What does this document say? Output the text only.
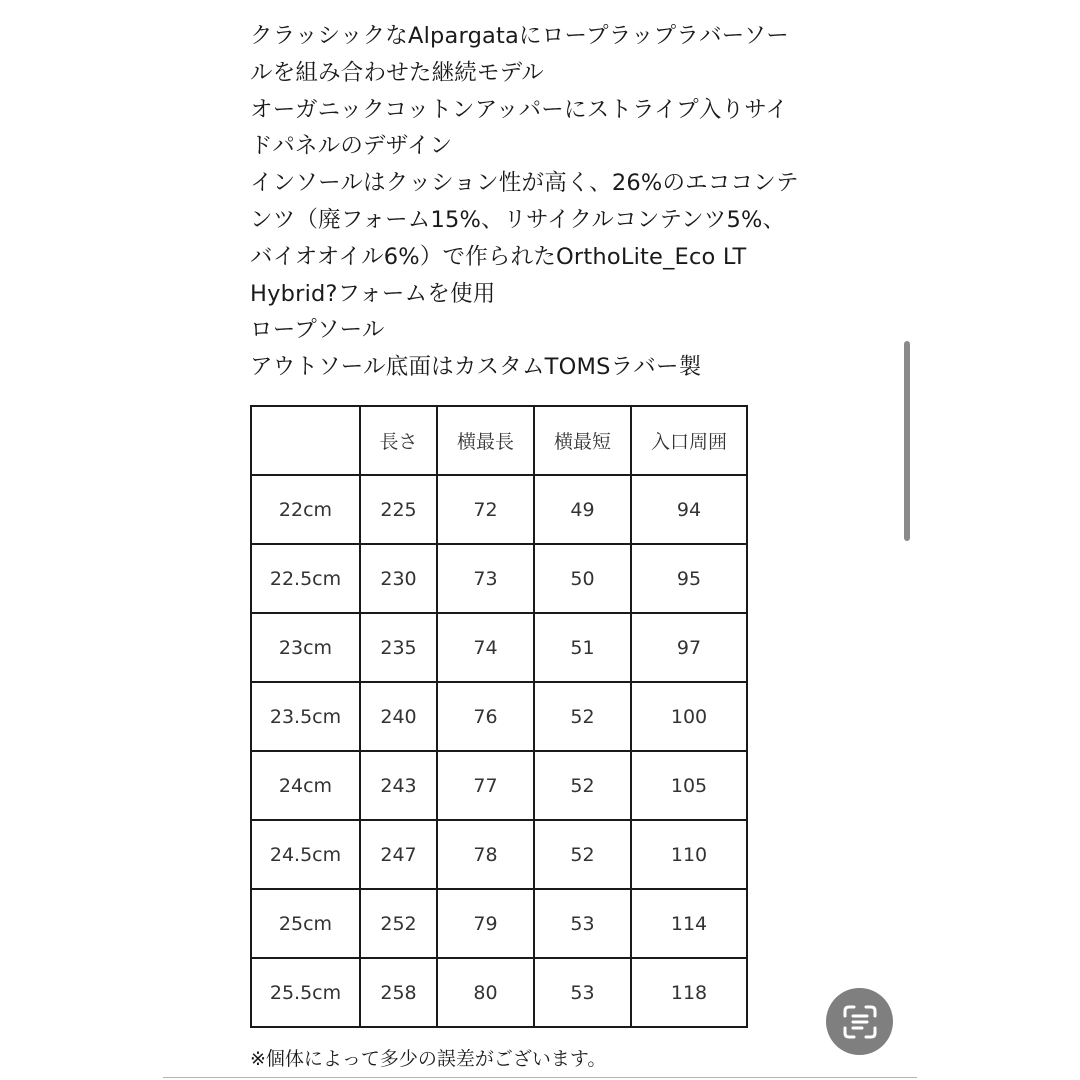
クラッシックなAlpargataにロープラップラバーソー
ルを組み合わせた継続モデル
オーガニックコットンアッパーにストライプ入りサイ
ドパネルのデザイン
インソールはクッション性が高く、26%のエココンテ
ンツ（廃フォーム15%、リサイクルコンテンツ5%、
バイオオイル6%）で作られたOrthoLite_Eco LT
Hybrid?フォームを使用
ロープソール
アウトソール底面はカスタムTOMSラバー製
	長さ	横最長	横最短	入口周囲
22cm	225	72	49	94
22.5cm	230	73	50	95
23cm	235	74	51	97
23.5cm	240	76	52	100
24cm	243	77	52	105
24.5cm	247	78	52	110
25cm	252	79	53	114
25.5cm	258	80	53	118
※個体によって多少の誤差がございます。
